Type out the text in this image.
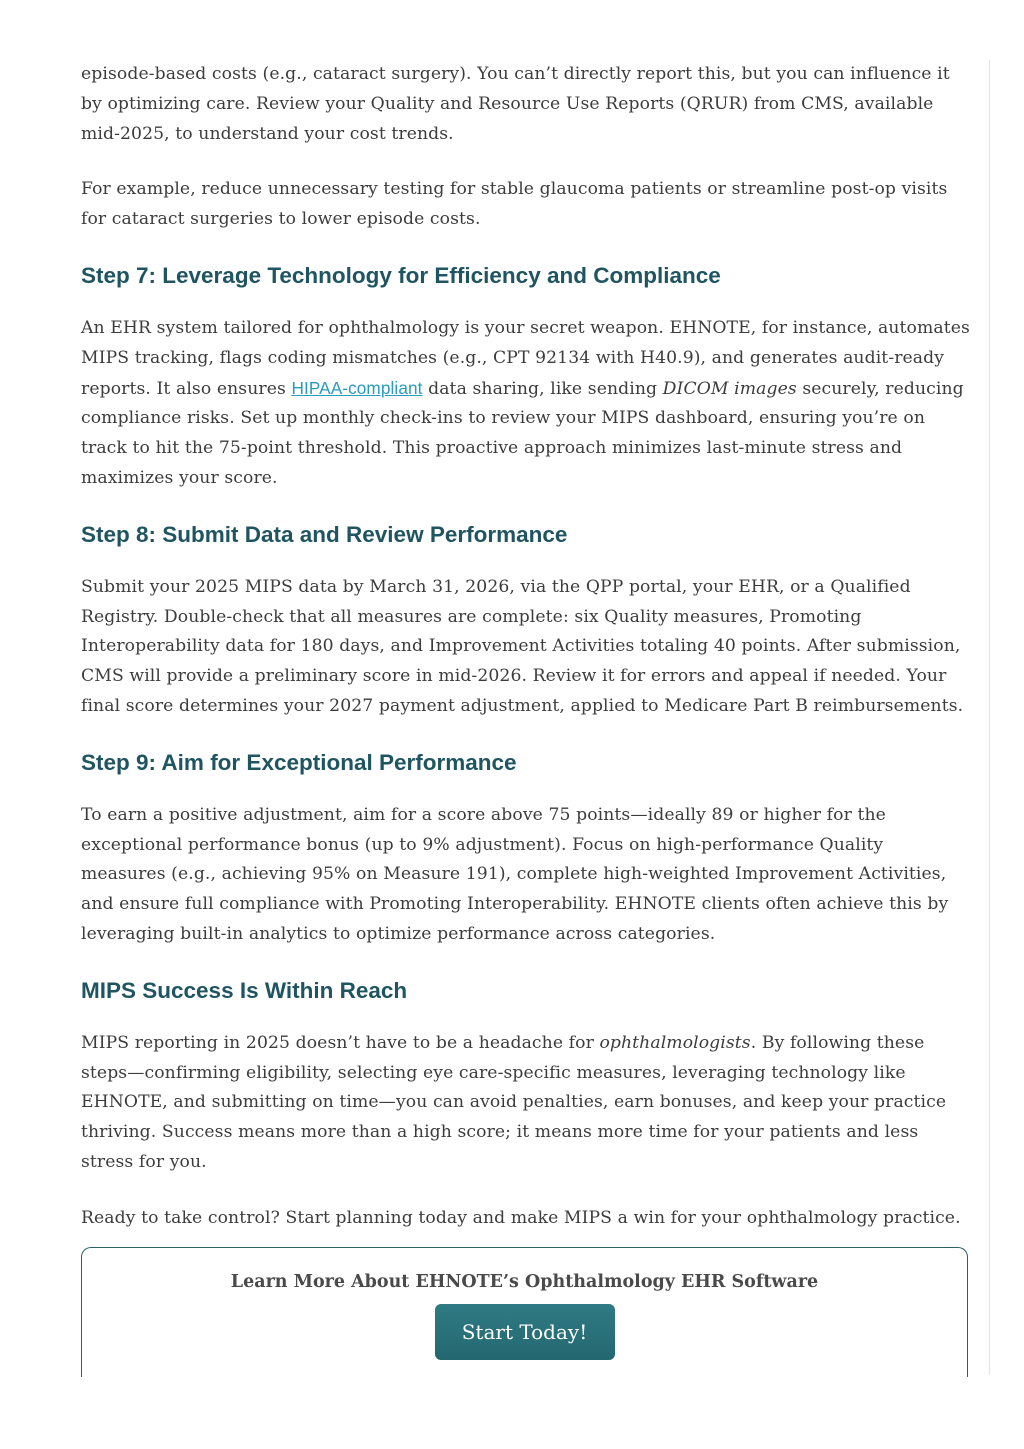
episode-based costs (e.g., cataract surgery). You can’t directly report this, but you can influence it by optimizing care. Review your Quality and Resource Use Reports (QRUR) from CMS, available mid-2025, to understand your cost trends.

For example, reduce unnecessary testing for stable glaucoma patients or streamline post-op visits for cataract surgeries to lower episode costs.

Step 7: Leverage Technology for Efficiency and Compliance

An EHR system tailored for ophthalmology is your secret weapon. EHNOTE, for instance, automates MIPS tracking, flags coding mismatches (e.g., CPT 92134 with H40.9), and generates audit-ready reports. It also ensures HIPAA-compliant data sharing, like sending DICOM images securely, reducing compliance risks. Set up monthly check-ins to review your MIPS dashboard, ensuring you’re on track to hit the 75-point threshold. This proactive approach minimizes last-minute stress and maximizes your score.

Step 8: Submit Data and Review Performance

Submit your 2025 MIPS data by March 31, 2026, via the QPP portal, your EHR, or a Qualified Registry. Double-check that all measures are complete: six Quality measures, Promoting Interoperability data for 180 days, and Improvement Activities totaling 40 points. After submission, CMS will provide a preliminary score in mid-2026. Review it for errors and appeal if needed. Your final score determines your 2027 payment adjustment, applied to Medicare Part B reimbursements.

Step 9: Aim for Exceptional Performance

To earn a positive adjustment, aim for a score above 75 points—ideally 89 or higher for the exceptional performance bonus (up to 9% adjustment). Focus on high-performance Quality measures (e.g., achieving 95% on Measure 191), complete high-weighted Improvement Activities, and ensure full compliance with Promoting Interoperability. EHNOTE clients often achieve this by leveraging built-in analytics to optimize performance across categories.

MIPS Success Is Within Reach

MIPS reporting in 2025 doesn’t have to be a headache for ophthalmologists. By following these steps—confirming eligibility, selecting eye care-specific measures, leveraging technology like EHNOTE, and submitting on time—you can avoid penalties, earn bonuses, and keep your practice thriving. Success means more than a high score; it means more time for your patients and less stress for you.

Ready to take control? Start planning today and make MIPS a win for your ophthalmology practice.

Learn More About EHNOTE’s Ophthalmology EHR Software
Start Today!
